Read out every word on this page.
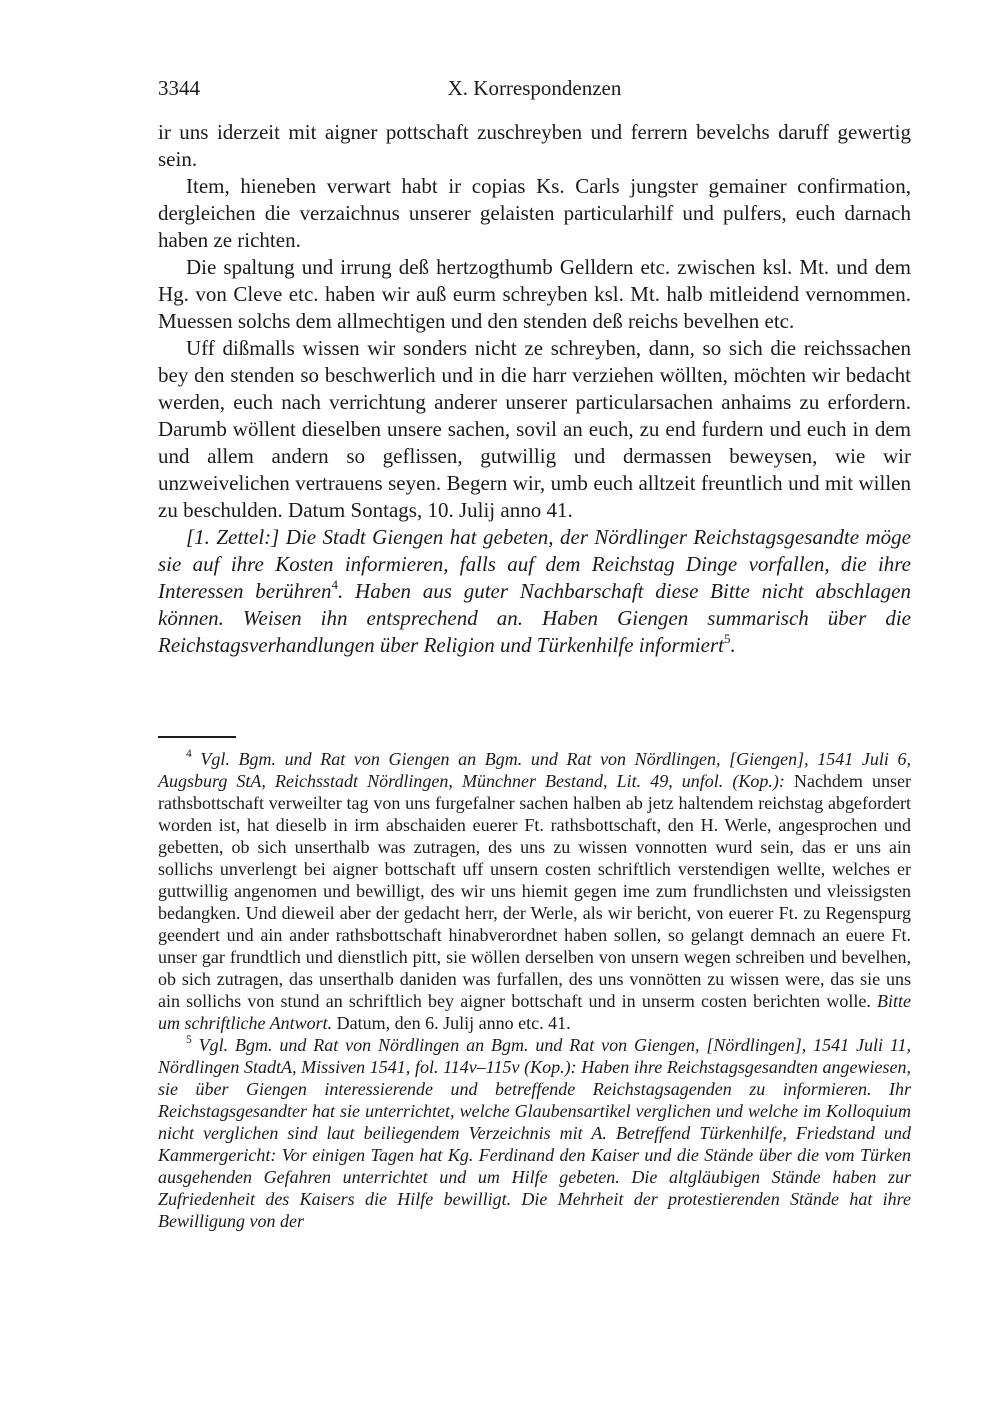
3344	X. Korrespondenzen

ir uns iderzeit mit aigner pottschaft zuschreyben und ferrern bevelchs daruff gewertig sein.

Item, hieneben verwart habt ir copias Ks. Carls jungster gemainer confirmation, dergleichen die verzaichnus unserer gelaisten particularhilf und pulfers, euch darnach haben ze richten.

Die spaltung und irrung deß hertzogthumb Gelldern etc. zwischen ksl. Mt. und dem Hg. von Cleve etc. haben wir auß eurm schreyben ksl. Mt. halb mitleidend vernommen. Muessen solchs dem allmechtigen und den stenden deß reichs bevelhen etc.

Uff dißmalls wissen wir sonders nicht ze schreyben, dann, so sich die reichssachen bey den stenden so beschwerlich und in die harr verziehen wöllten, möchten wir bedacht werden, euch nach verrichtung anderer unserer particularsachen anhaims zu erfordern. Darumb wöllent dieselben unsere sachen, sovil an euch, zu end furdern und euch in dem und allem andern so geflissen, gutwillig und dermassen beweysen, wie wir unzweivelichen vertrauens seyen. Begern wir, umb euch alltzeit freuntlich und mit willen zu beschulden. Datum Sontags, 10. Julij anno 41.

[1. Zettel:] Die Stadt Giengen hat gebeten, der Nördlinger Reichstagsgesandte möge sie auf ihre Kosten informieren, falls auf dem Reichstag Dinge vorfallen, die ihre Interessen berühren$^4$. Haben aus guter Nachbarschaft diese Bitte nicht abschlagen können. Weisen ihn entsprechend an. Haben Giengen summarisch über die Reichstagsverhandlungen über Religion und Türkenhilfe informiert$^5$.

$^4$ Vgl. Bgm. und Rat von Giengen an Bgm. und Rat von Nördlingen, [Giengen], 1541 Juli 6, Augsburg StA, Reichsstadt Nördlingen, Münchner Bestand, Lit. 49, unfol. (Kop.): Nachdem unser rathsbottschaft verweilter tag von uns furgefalner sachen halben ab jetz haltendem reichstag abgefordert worden ist, hat dieselb in irm abschaiden euerer Ft. rathsbottschaft, den H. Werle, angesprochen und gebetten, ob sich unserthalb was zutragen, des uns zu wissen vonnotten wurd sein, das er uns ain sollichs unverlengt bei aigner bottschaft uff unsern costen schriftlich verstendigen wellte, welches er guttwillig angenomen und bewilligt, des wir uns hiemit gegen ime zum frundlichsten und vleissigsten bedangken. Und dieweil aber der gedacht herr, der Werle, als wir bericht, von euerer Ft. zu Regenspurg geendert und ain ander rathsbottschaft hinabverordnet haben sollen, so gelangt demnach an euere Ft. unser gar frundtlich und dienstlich pitt, sie wöllen derselben von unsern wegen schreiben und bevelhen, ob sich zutragen, das unserthalb daniden was furfallen, des uns vonnötten zu wissen were, das sie uns ain sollichs von stund an schriftlich bey aigner bottschaft und in unserm costen berichten wolle. Bitte um schriftliche Antwort. Datum, den 6. Julij anno etc. 41.

$^5$ Vgl. Bgm. und Rat von Nördlingen an Bgm. und Rat von Giengen, [Nördlingen], 1541 Juli 11, Nördlingen StadtA, Missiven 1541, fol. 114v–115v (Kop.): Haben ihre Reichstagsgesandten angewiesen, sie über Giengen interessierende und betreffende Reichstagsagenden zu informieren. Ihr Reichstagsgesandter hat sie unterrichtet, welche Glaubensartikel verglichen und welche im Kolloquium nicht verglichen sind laut beiliegendem Verzeichnis mit A. Betreffend Türkenhilfe, Friedstand und Kammergericht: Vor einigen Tagen hat Kg. Ferdinand den Kaiser und die Stände über die vom Türken ausgehenden Gefahren unterrichtet und um Hilfe gebeten. Die altgläubigen Stände haben zur Zufriedenheit des Kaisers die Hilfe bewilligt. Die Mehrheit der protestierenden Stände hat ihre Bewilligung von der
